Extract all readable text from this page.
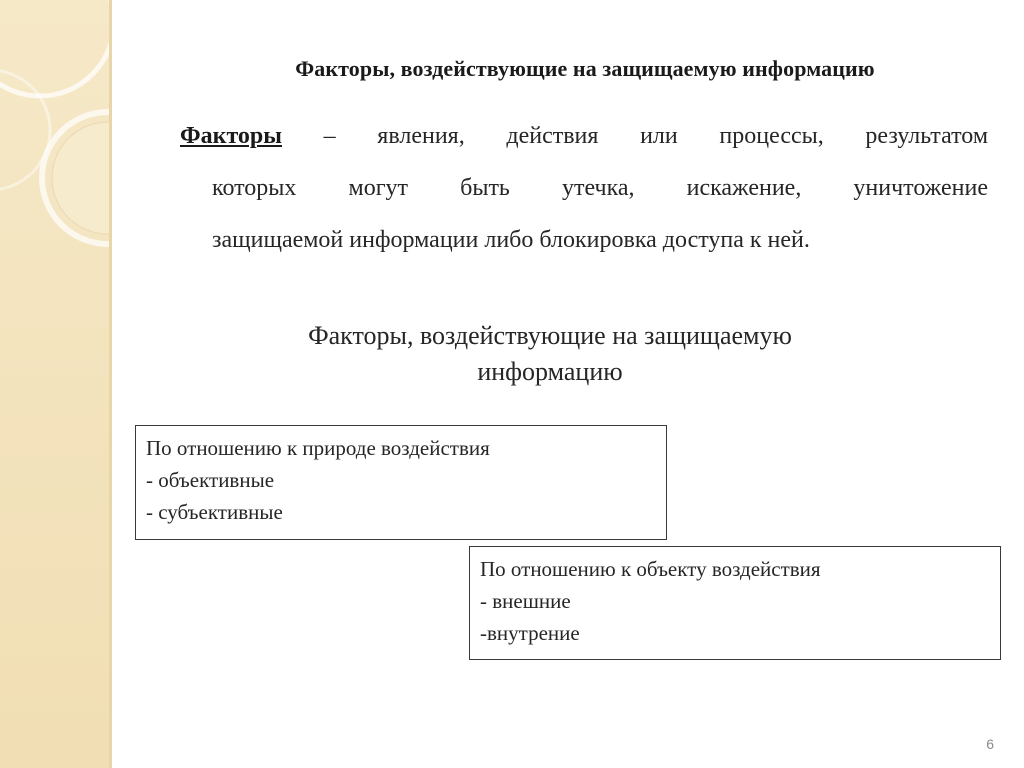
Факторы, воздействующие на защищаемую информацию
Факторы – явления, действия или процессы, результатом
которых могут быть утечка, искажение, уничтожение
защищаемой информации либо блокировка доступа к ней.
Факторы, воздействующие на защищаемую
информацию
По отношению к природе воздействия
- объективные
- субъективные
По отношению к объекту воздействия
- внешние
-внутрение
6
